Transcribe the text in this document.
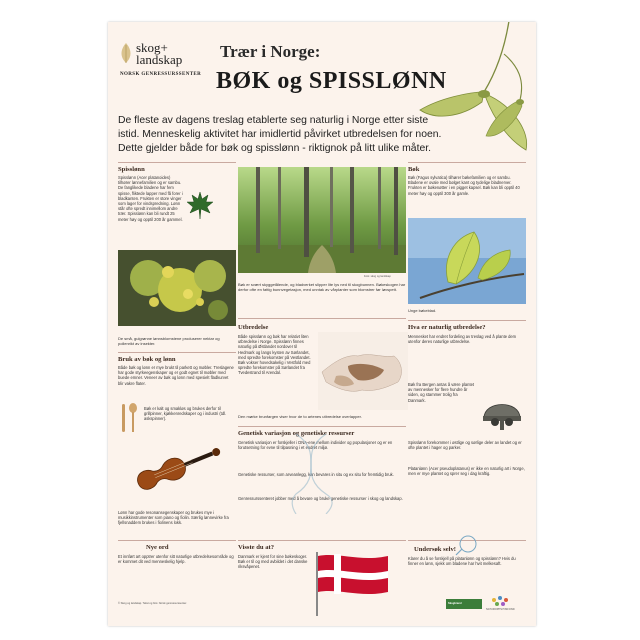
skog+
landskap
NORSK GENRESSURSSENTER
Trær i Norge:
BØK og SPISSLØNN
De fleste av dagens treslag etablerte seg naturlig i Norge etter siste
istid. Menneskelig aktivitet har imidlertid påvirket utbredelsen for noen.
Dette gjelder både for bøk og spisslønn - riktignok på litt ulike måter.
Spisslønn
Spisslønn (Acer platanoides) tilhører lønnefamilien og er sambu. De fanglikede bladene har fem spisse, fliktede lapper med få forer i bladkanten. Frukten er store vinger som lager for vindspredning. Lønn står ofte spredt innimellom andre trær. Spisslønn kan bli rundt 25 meter høy og opptil 200 år gammel.
De små, gulgrønne lønnsblomstene produserer nektar og pollenrikt av insekter.
Bruk av bøk og lønn
Både bøk og lønn er mye brukt til parkett og møbler. Treslagene har gode styrkeegenskaper og er godt egnet til møbler med buede emner. Veneer av bøk og lønn med spesielt fladkurvet blir vakre flater.
Bøk er kalt og smakløs og brukes derfor til grillpinner, kjøkkenredskaper og i industri (tdl. askspinner).
Lønn har gode resonansegenskaper og brukes mye i musikkinstrumenter som piano og fiolin. Særlig lønnevirke fra fjellsnaddem brukes i fiolinens lokk.
Nye ord
Et innført art opptrer utenfor sitt naturlige utbredelsesområde og er kommet dit ved menneskelig hjelp.
Foto: skog og landskap
Bøk er svært skyggetålende, og bladverket slipper lite lys ned til skogbunnen. Bøkeskogen har derfor ofte en fattig bunnvegetasjon, med unntak av vårplanter som blomstrer før løvspett.
Utbredelse
Både spisslønn og bøk har relativt liten utbredelse i Norge. Spisslønn finnes naturlig på Østlandet nordover til Hedmark og langs kysten av Sørlandet, med spredte forekomster på Vestlandet. Bøk vokser hovedsakelig i Vestfold med spredte forekomster på Sørlandet fra Tvedestrand til Arendal.
Den mørke brunfargen viser hvor de to artenes utbredelse overlapper.
Genetisk variasjon og genetiske ressurser
Genetisk variasjon er forskjeller i DNA-ene mellom individer og populasjoner og er en forutsetning for evne til tilpasning i et endret miljø.
Genetiske ressurser, som arveanlegg, kan bevares in situ og ex situ for fremtidig bruk.
Genressurssenteret jobber med å bevare og bruke genetiske ressurser i skog og landskap.
Visste du at?
Danmark er kjent for sine bøkeskoger. Bøk er til og med avbildet i det danske riksvåpenet.
Bøk
Bøk (Fagus sylvatica) tilhører bøkefamilien og er sambu. Bladene er ovale med bølget kant og tydelige bladnerver. Frukten er bøkenøtter i en pigget kapsel. Bøk kan bli opptil 40 meter høy og opptil 300 år gamle.
Unge bøkeblad.
Hva er naturlig utbredelse?
Mennesket har endret fordeling av treslag ved å plante dem utenfor deres naturlige utbredelse.
Bøk fra Bergen antas å være plantet av mennesker for flere hundre år siden, og stammer trolig fra Danmark.
Spisslønn forekommer i østlige og sørlige deler av landet og er ofte plantet i hager og parker.
Platanlønn (Acer pseudoplatanus) er ikke en naturlig art i Norge, men er mye plantet og sprer seg i dag kraftig.
Undersøk selv!
Klarer du å se forskjell på platanlønn og spisslønn? Hvis du finner en lønn, sjekk om bladene har hvit melkesaft.
© Skog og landskap. Tekst og foto: Norsk genressurssenter.	Skogbrand
NATUROPPSYNSFOND
